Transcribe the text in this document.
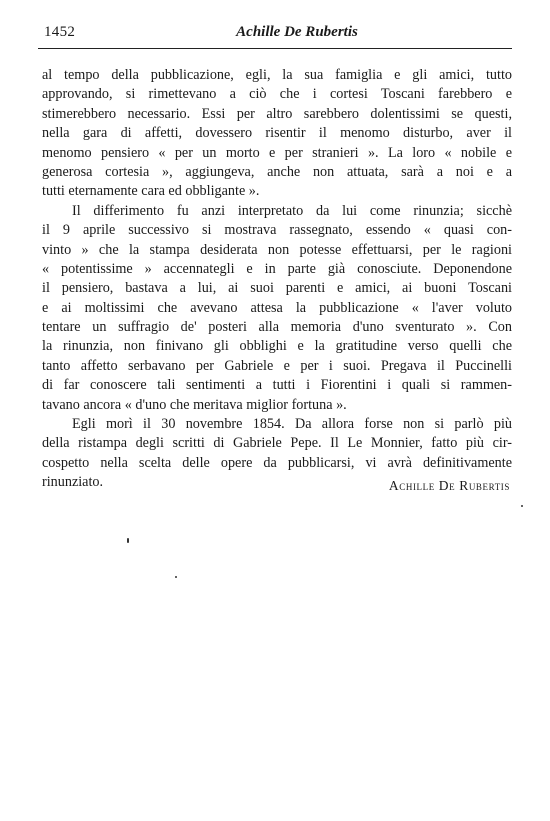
1452	Achille De Rubertis
al tempo della pubblicazione, egli, la sua famiglia e gli amici, tutto
approvando, si rimettevano a ciò che i cortesi Toscani farebbero e
stimerebbero necessario. Essi per altro sarebbero dolentissimi se questi,
nella gara di affetti, dovessero risentir il menomo disturbo, aver il
menomo pensiero « per un morto e per stranieri ». La loro « nobile e
generosa cortesia », aggiungeva, anche non attuata, sarà a noi e a
tutti eternamente cara ed obbligante ».
Il differimento fu anzi interpretato da lui come rinunzia; sicchè
il 9 aprile successivo si mostrava rassegnato, essendo « quasi con-
vinto » che la stampa desiderata non potesse effettuarsi, per le ragioni
« potentissime » accennategli e in parte già conosciute. Deponendone
il pensiero, bastava a lui, ai suoi parenti e amici, ai buoni Toscani
e ai moltissimi che avevano attesa la pubblicazione « l'aver voluto
tentare un suffragio de' posteri alla memoria d'uno sventurato ». Con
la rinunzia, non finivano gli obblighi e la gratitudine verso quelli che
tanto affetto serbavano per Gabriele e per i suoi. Pregava il Puccinelli
di far conoscere tali sentimenti a tutti i Fiorentini i quali si rammen-
tavano ancora « d'uno che meritava miglior fortuna ».
Egli morì il 30 novembre 1854. Da allora forse non si parlò più
della ristampa degli scritti di Gabriele Pepe. Il Le Monnier, fatto più cir-
cospetto nella scelta delle opere da pubblicarsi, vi avrà definitivamente
rinunziato.	Achille De Rubertis
